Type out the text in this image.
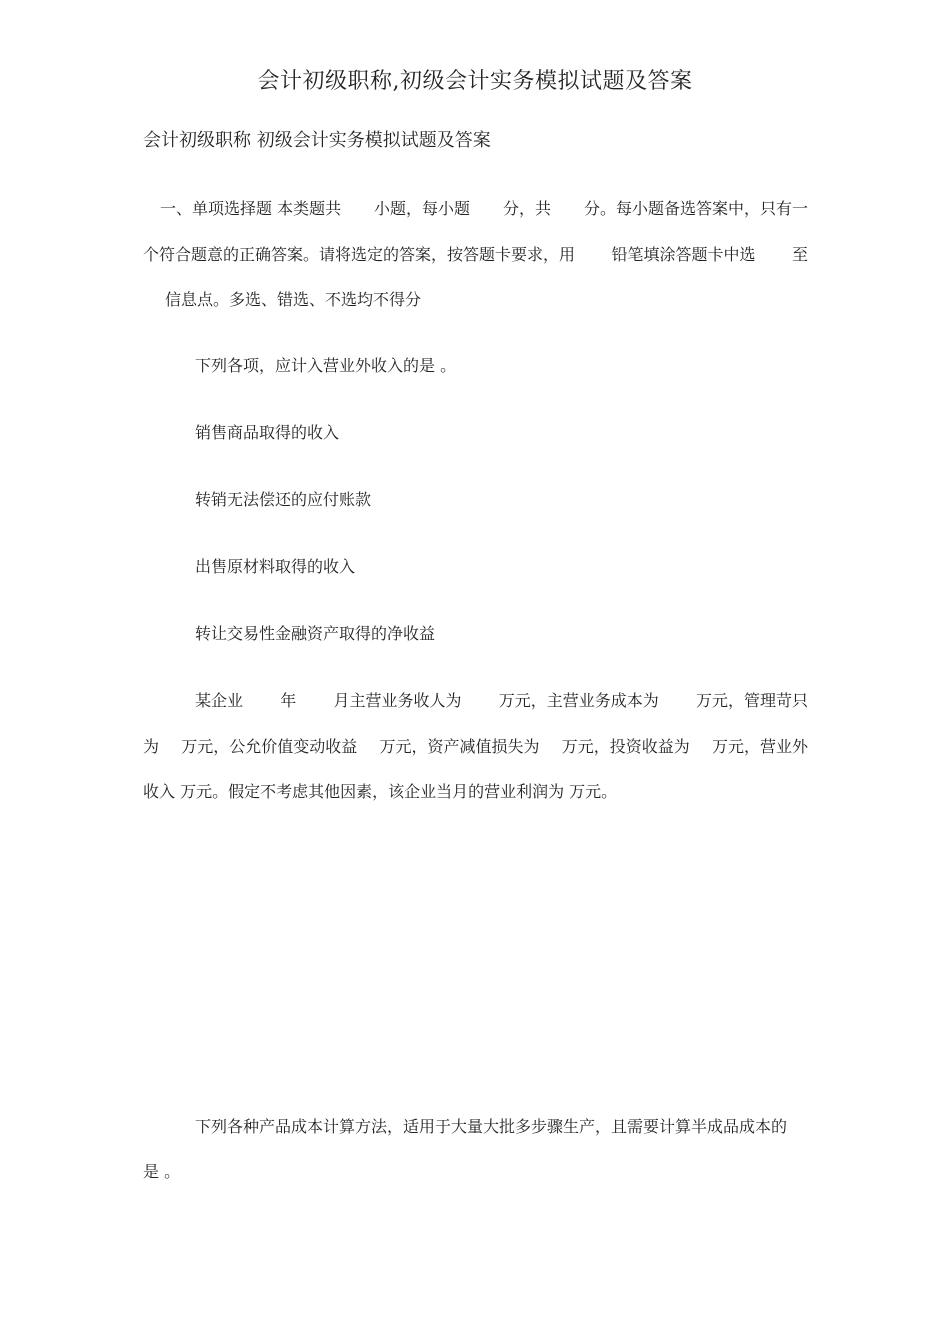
会计初级职称,初级会计实务模拟试题及答案
会计初级职称 初级会计实务模拟试题及答案
一、单项选择题 本类题共 小题，每小题 分，共 分。每小题备选答案中，只有一
个符合题意的正确答案。请将选定的答案，按答题卡要求，用 铅笔填涂答题卡中选 至
信息点。多选、错选、不选均不得分
下列各项，应计入营业外收入的是 。
销售商品取得的收入
转销无法偿还的应付账款
出售原材料取得的收入
转让交易性金融资产取得的净收益
某企业 年 月主营业务收人为 万元，主营业务成本为 万元，管理苛只
为 万元，公允价值变动收益 万元，资产减值损失为 万元，投资收益为 万元，营业外
收入 万元。假定不考虑其他因素，该企业当月的营业利润为 万元。
下列各种产品成本计算方法，适用于大量大批多步骤生产，且需要计算半成品成本的
是 。
